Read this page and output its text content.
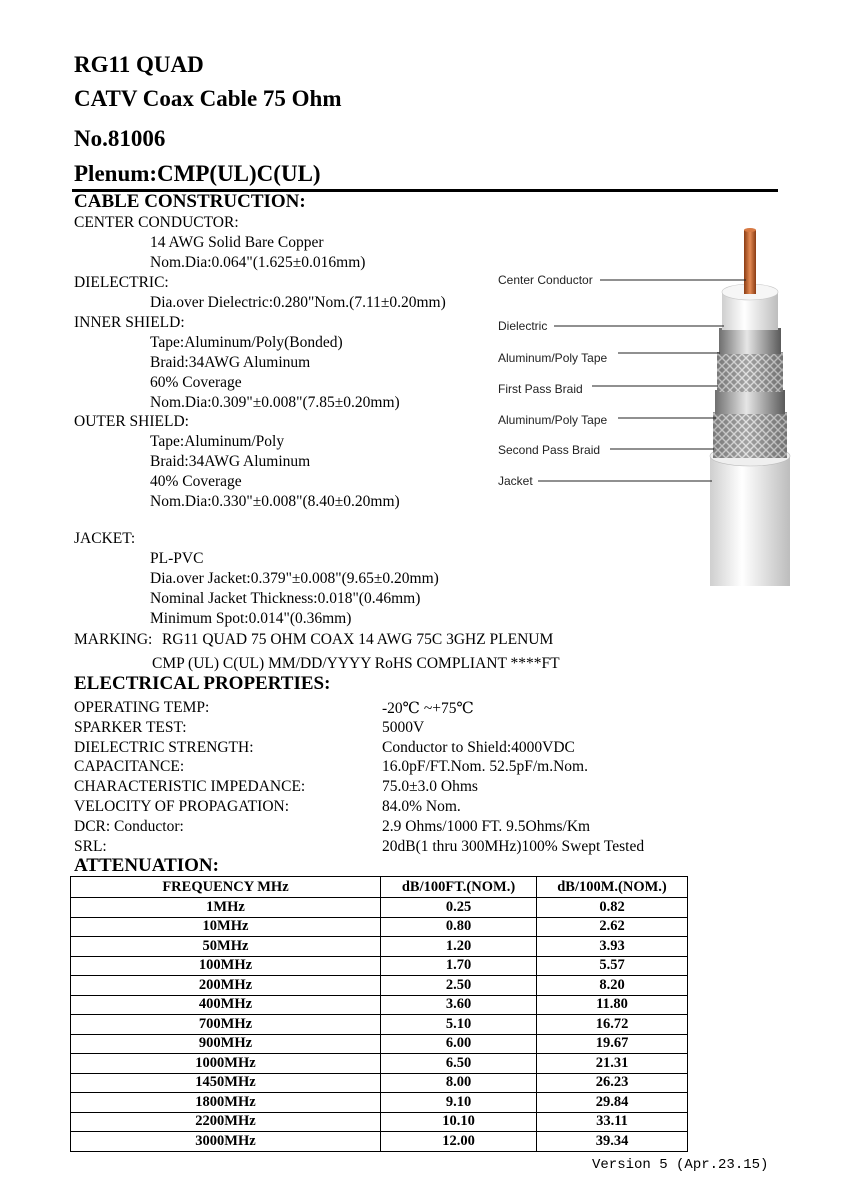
RG11 QUAD
CATV Coax Cable 75 Ohm
No.81006
Plenum:CMP(UL)C(UL)
CABLE CONSTRUCTION:
CENTER CONDUCTOR:
14 AWG Solid Bare Copper
Nom.Dia:0.064"(1.625±0.016mm)
DIELECTRIC:
Dia.over Dielectric:0.280"Nom.(7.11±0.20mm)
INNER SHIELD:
Tape:Aluminum/Poly(Bonded)
Braid:34AWG Aluminum
60% Coverage
Nom.Dia:0.309"±0.008"(7.85±0.20mm)
OUTER SHIELD:
Tape:Aluminum/Poly
Braid:34AWG Aluminum
40% Coverage
Nom.Dia:0.330"±0.008"(8.40±0.20mm)
JACKET:
PL-PVC
Dia.over Jacket:0.379"±0.008"(9.65±0.20mm)
Nominal Jacket Thickness:0.018"(0.46mm)
Minimum Spot:0.014"(0.36mm)
MARKING: RG11 QUAD 75 OHM COAX 14 AWG 75C 3GHZ PLENUM
CMP (UL) C(UL) MM/DD/YYYY RoHS COMPLIANT ****FT
Center Conductor
Dielectric
Aluminum/Poly Tape
First Pass Braid
Aluminum/Poly Tape
Second Pass Braid
Jacket
ELECTRICAL PROPERTIES:
OPERATING TEMP:	-20℃ ~+75℃
SPARKER TEST:	5000V
DIELECTRIC STRENGTH:	Conductor to Shield:4000VDC
CAPACITANCE:	16.0pF/FT.Nom. 52.5pF/m.Nom.
CHARACTERISTIC IMPEDANCE:	75.0±3.0 Ohms
VELOCITY OF PROPAGATION:	84.0% Nom.
DCR: Conductor:	2.9 Ohms/1000 FT. 9.5Ohms/Km
SRL:	20dB(1 thru 300MHz)100% Swept Tested
ATTENUATION:
FREQUENCY MHz	dB/100FT.(NOM.)	dB/100M.(NOM.)
1MHz	0.25	0.82
10MHz	0.80	2.62
50MHz	1.20	3.93
100MHz	1.70	5.57
200MHz	2.50	8.20
400MHz	3.60	11.80
700MHz	5.10	16.72
900MHz	6.00	19.67
1000MHz	6.50	21.31
1450MHz	8.00	26.23
1800MHz	9.10	29.84
2200MHz	10.10	33.11
3000MHz	12.00	39.34
Version 5 (Apr.23.15)
